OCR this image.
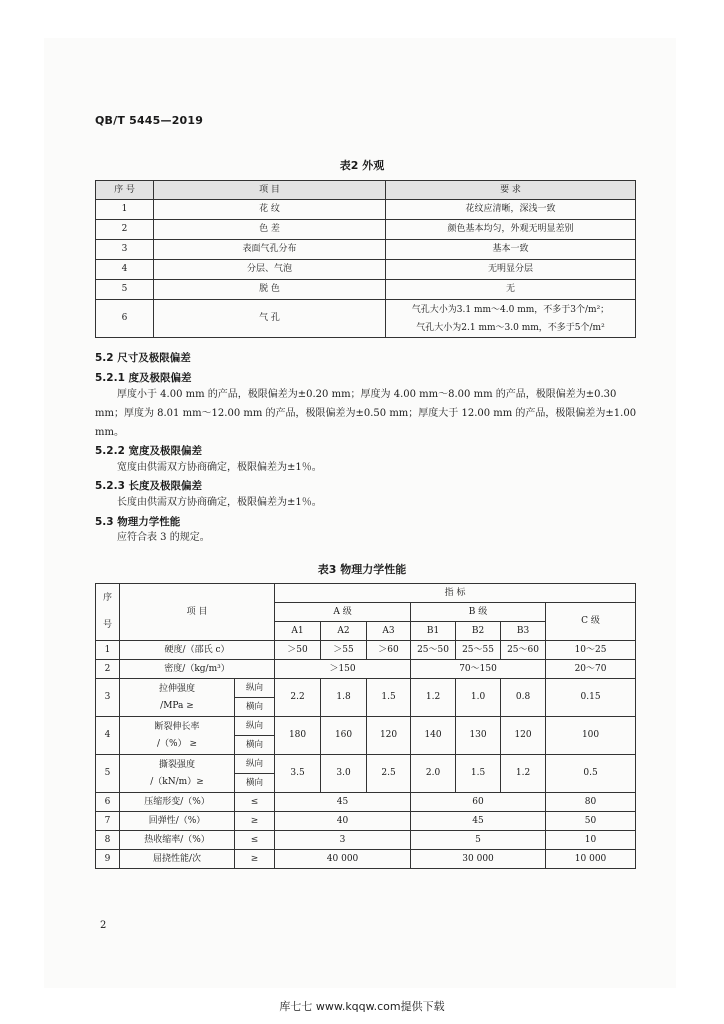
QB/T 5445—2019
表2 外观
序 号	项 目	要 求
1	花 纹	花纹应清晰，深浅一致
2	色 差	颜色基本均匀，外观无明显差别
3	表面气孔分布	基本一致
4	分层、气泡	无明显分层
5	脱 色	无
6	气 孔	气孔大小为3.1 mm～4.0 mm，不多于3个/m²；
气孔大小为2.1 mm～3.0 mm，不多于5个/m²
5.2 尺寸及极限偏差
5.2.1 度及极限偏差
厚度小于 4.00 mm 的产品，极限偏差为±0.20 mm；厚度为 4.00 mm～8.00 mm 的产品，极限偏差为±0.30 mm；厚度为 8.01 mm～12.00 mm 的产品，极限偏差为±0.50 mm；厚度大于 12.00 mm 的产品，极限偏差为±1.00 mm。
5.2.2 宽度及极限偏差
宽度由供需双方协商确定，极限偏差为±1％。
5.2.3 长度及极限偏差
长度由供需双方协商确定，极限偏差为±1％。
5.3 物理力学性能
应符合表 3 的规定。
表3 物理力学性能
序
号	项 目		指 标						
			A 级			B 级			C 级
			A1	A2	A3	B1	B2	B3	
1	硬度/（邵氏 c）		＞50	＞55	＞60	25～50	25～55	25～60	10～25
2	密度/（kg/m³）		＞150			70～150			20～70
3	拉伸强度
/MPa ≥	纵向	2.2	1.8	1.5	1.2	1.0	0.8	0.15
		横向							
4	断裂伸长率
/（%） ≥	纵向	180	160	120	140	130	120	100
		横向							
5	撕裂强度
/（kN/m）≥	纵向	3.5	3.0	2.5	2.0	1.5	1.2	0.5
		横向							
6	压缩形变/（%）	≤	45			60			80
7	回弹性/（%）	≥	40			45			50
8	热收缩率/（%）	≤	3			5			10
9	屈挠性能/次	≥	40 000			30 000			10 000
2
库七七 www.kqqw.com提供下载
